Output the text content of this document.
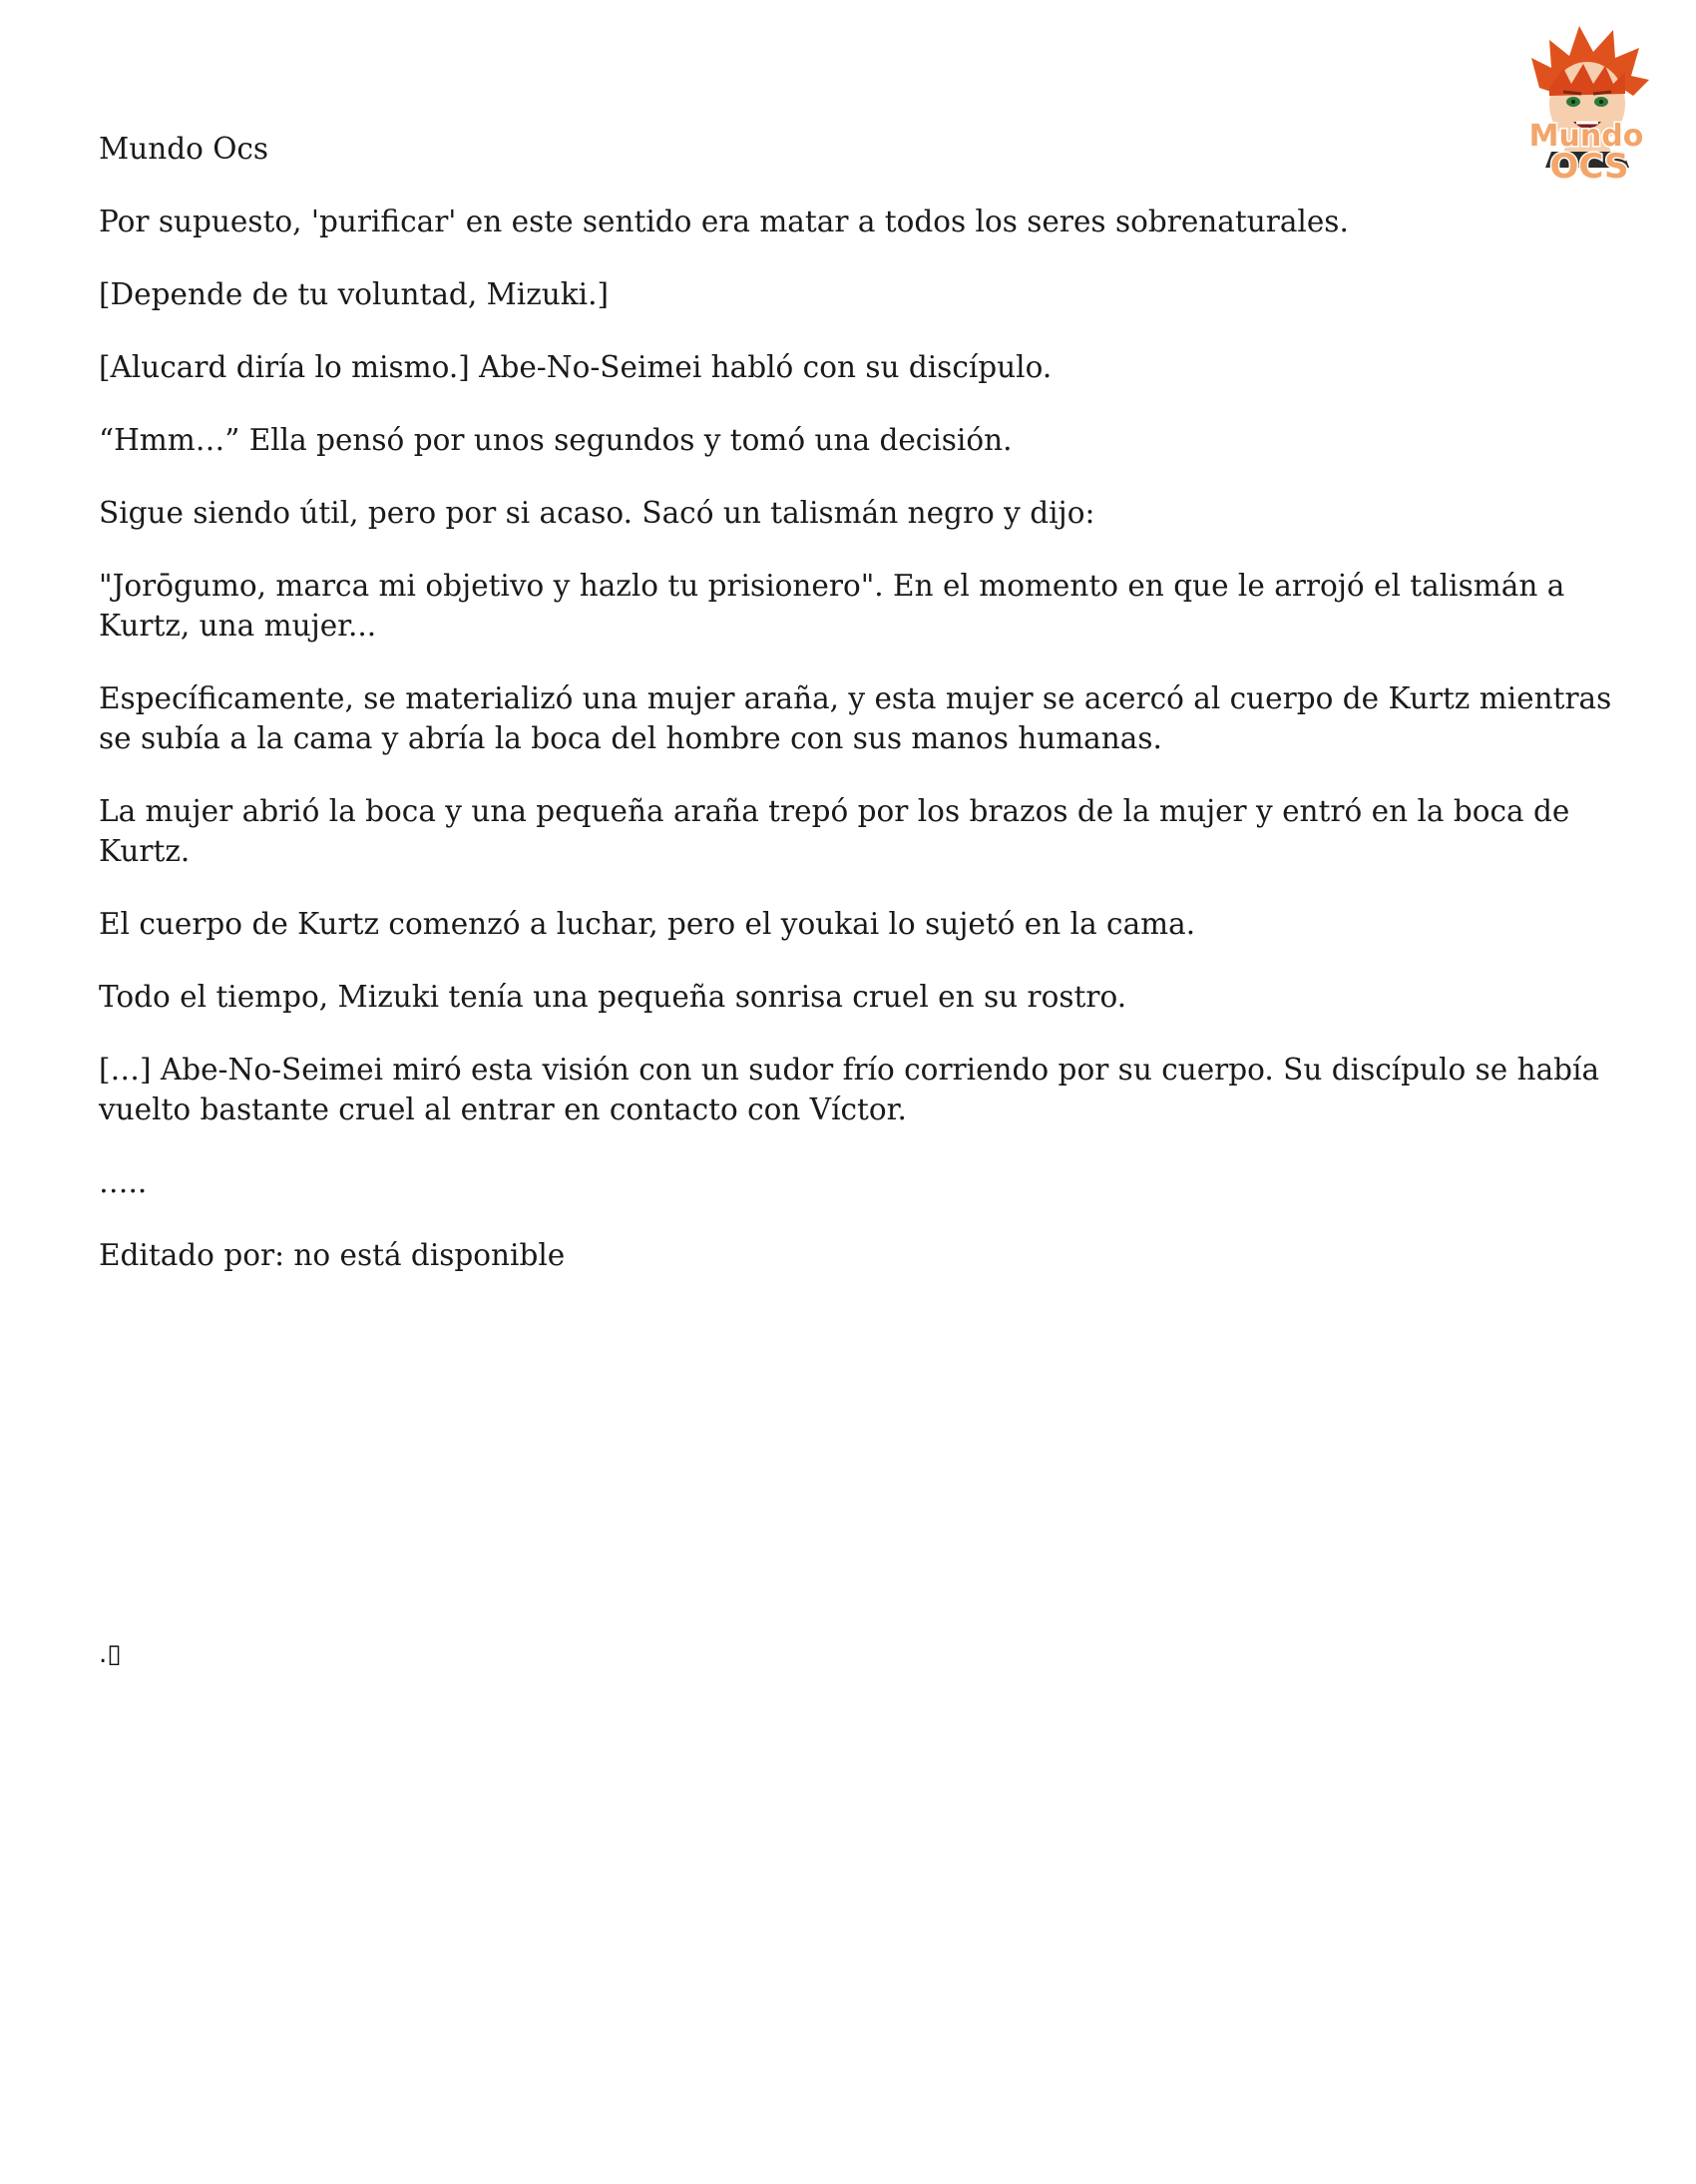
Mundo
OCS

Mundo Ocs

Por supuesto, 'purificar' en este sentido era matar a todos los seres sobrenaturales.

[Depende de tu voluntad, Mizuki.]

[Alucard diría lo mismo.] Abe-No-Seimei habló con su discípulo.

“Hmm…” Ella pensó por unos segundos y tomó una decisión.

Sigue siendo útil, pero por si acaso. Sacó un talismán negro y dijo:

"Jorōgumo, marca mi objetivo y hazlo tu prisionero". En el momento en que le arrojó el talismán a Kurtz, una mujer...

Específicamente, se materializó una mujer araña, y esta mujer se acercó al cuerpo de Kurtz mientras se subía a la cama y abría la boca del hombre con sus manos humanas.

La mujer abrió la boca y una pequeña araña trepó por los brazos de la mujer y entró en la boca de Kurtz.

El cuerpo de Kurtz comenzó a luchar, pero el youkai lo sujetó en la cama.

Todo el tiempo, Mizuki tenía una pequeña sonrisa cruel en su rostro.

[…] Abe-No-Seimei miró esta visión con un sudor frío corriendo por su cuerpo. Su discípulo se había vuelto bastante cruel al entrar en contacto con Víctor.

…..

Editado por: no está disponible

.▯
